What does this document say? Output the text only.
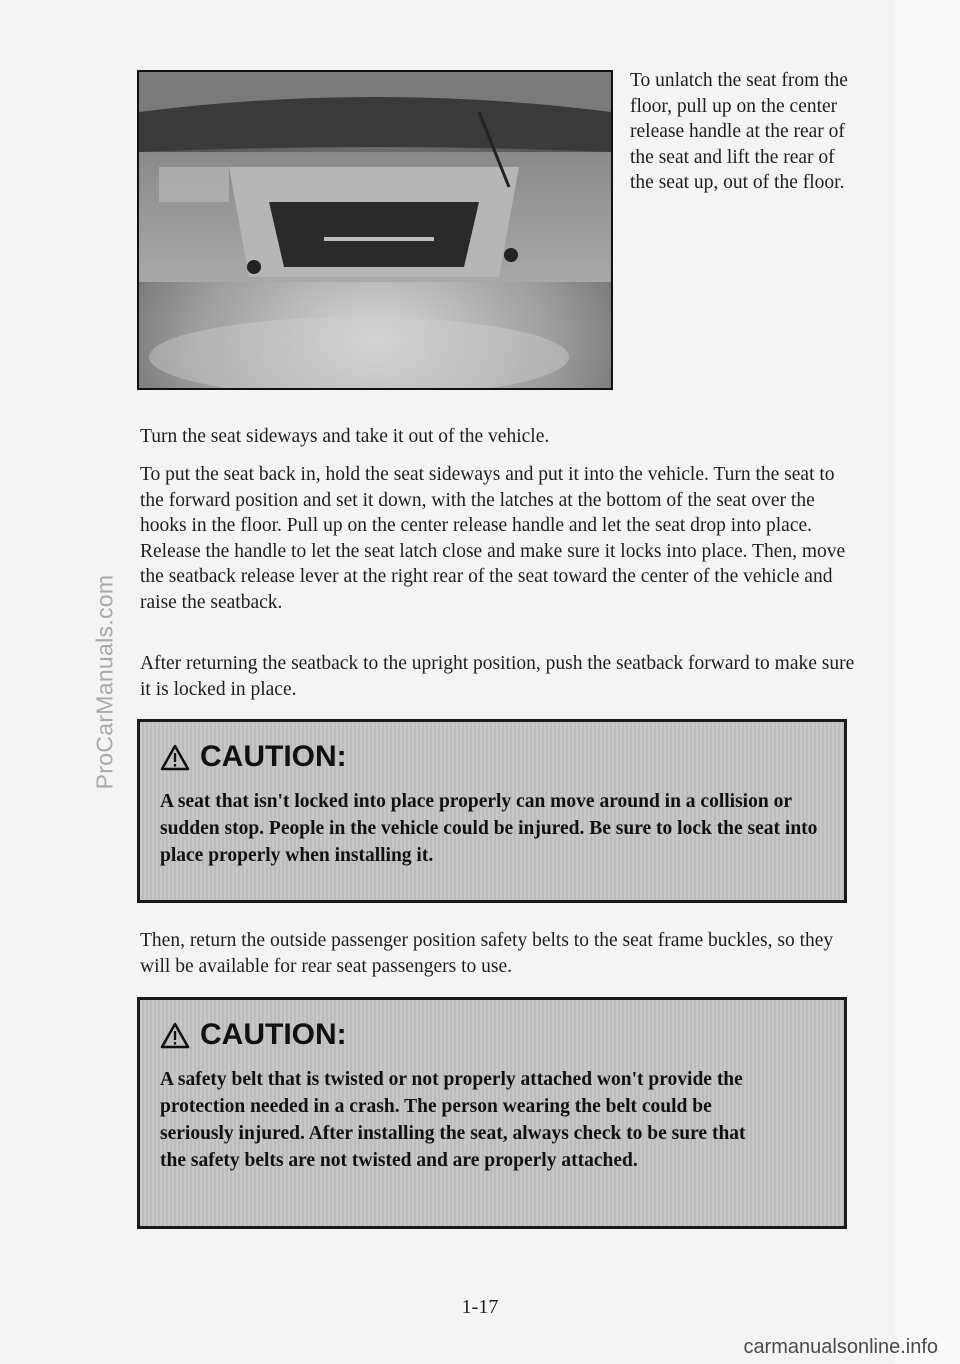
ProCarManuals.com
To unlatch the seat from the floor, pull up on the center release handle at the rear of the seat and lift the rear of the seat up, out of the floor.

Turn the seat sideways and take it out of the vehicle.

To put the seat back in, hold the seat sideways and put it into the vehicle. Turn the seat to the forward position and set it down, with the latches at the bottom of the seat over the hooks in the floor. Pull up on the center release handle and let the seat drop into place. Release the handle to let the seat latch close and make sure it locks into place. Then, move the seatback release lever at the right rear of the seat toward the center of the vehicle and raise the seatback.

After returning the seatback to the upright position, push the seatback forward to make sure it is locked in place.

CAUTION:
A seat that isn't locked into place properly can move around in a collision or sudden stop. People in the vehicle could be injured. Be sure to lock the seat into place properly when installing it.

Then, return the outside passenger position safety belts to the seat frame buckles, so they will be available for rear seat passengers to use.

CAUTION:
A safety belt that is twisted or not properly attached won't provide the protection needed in a crash. The person wearing the belt could be seriously injured. After installing the seat, always check to be sure that the safety belts are not twisted and are properly attached.
1-17
carmanualsonline.info
